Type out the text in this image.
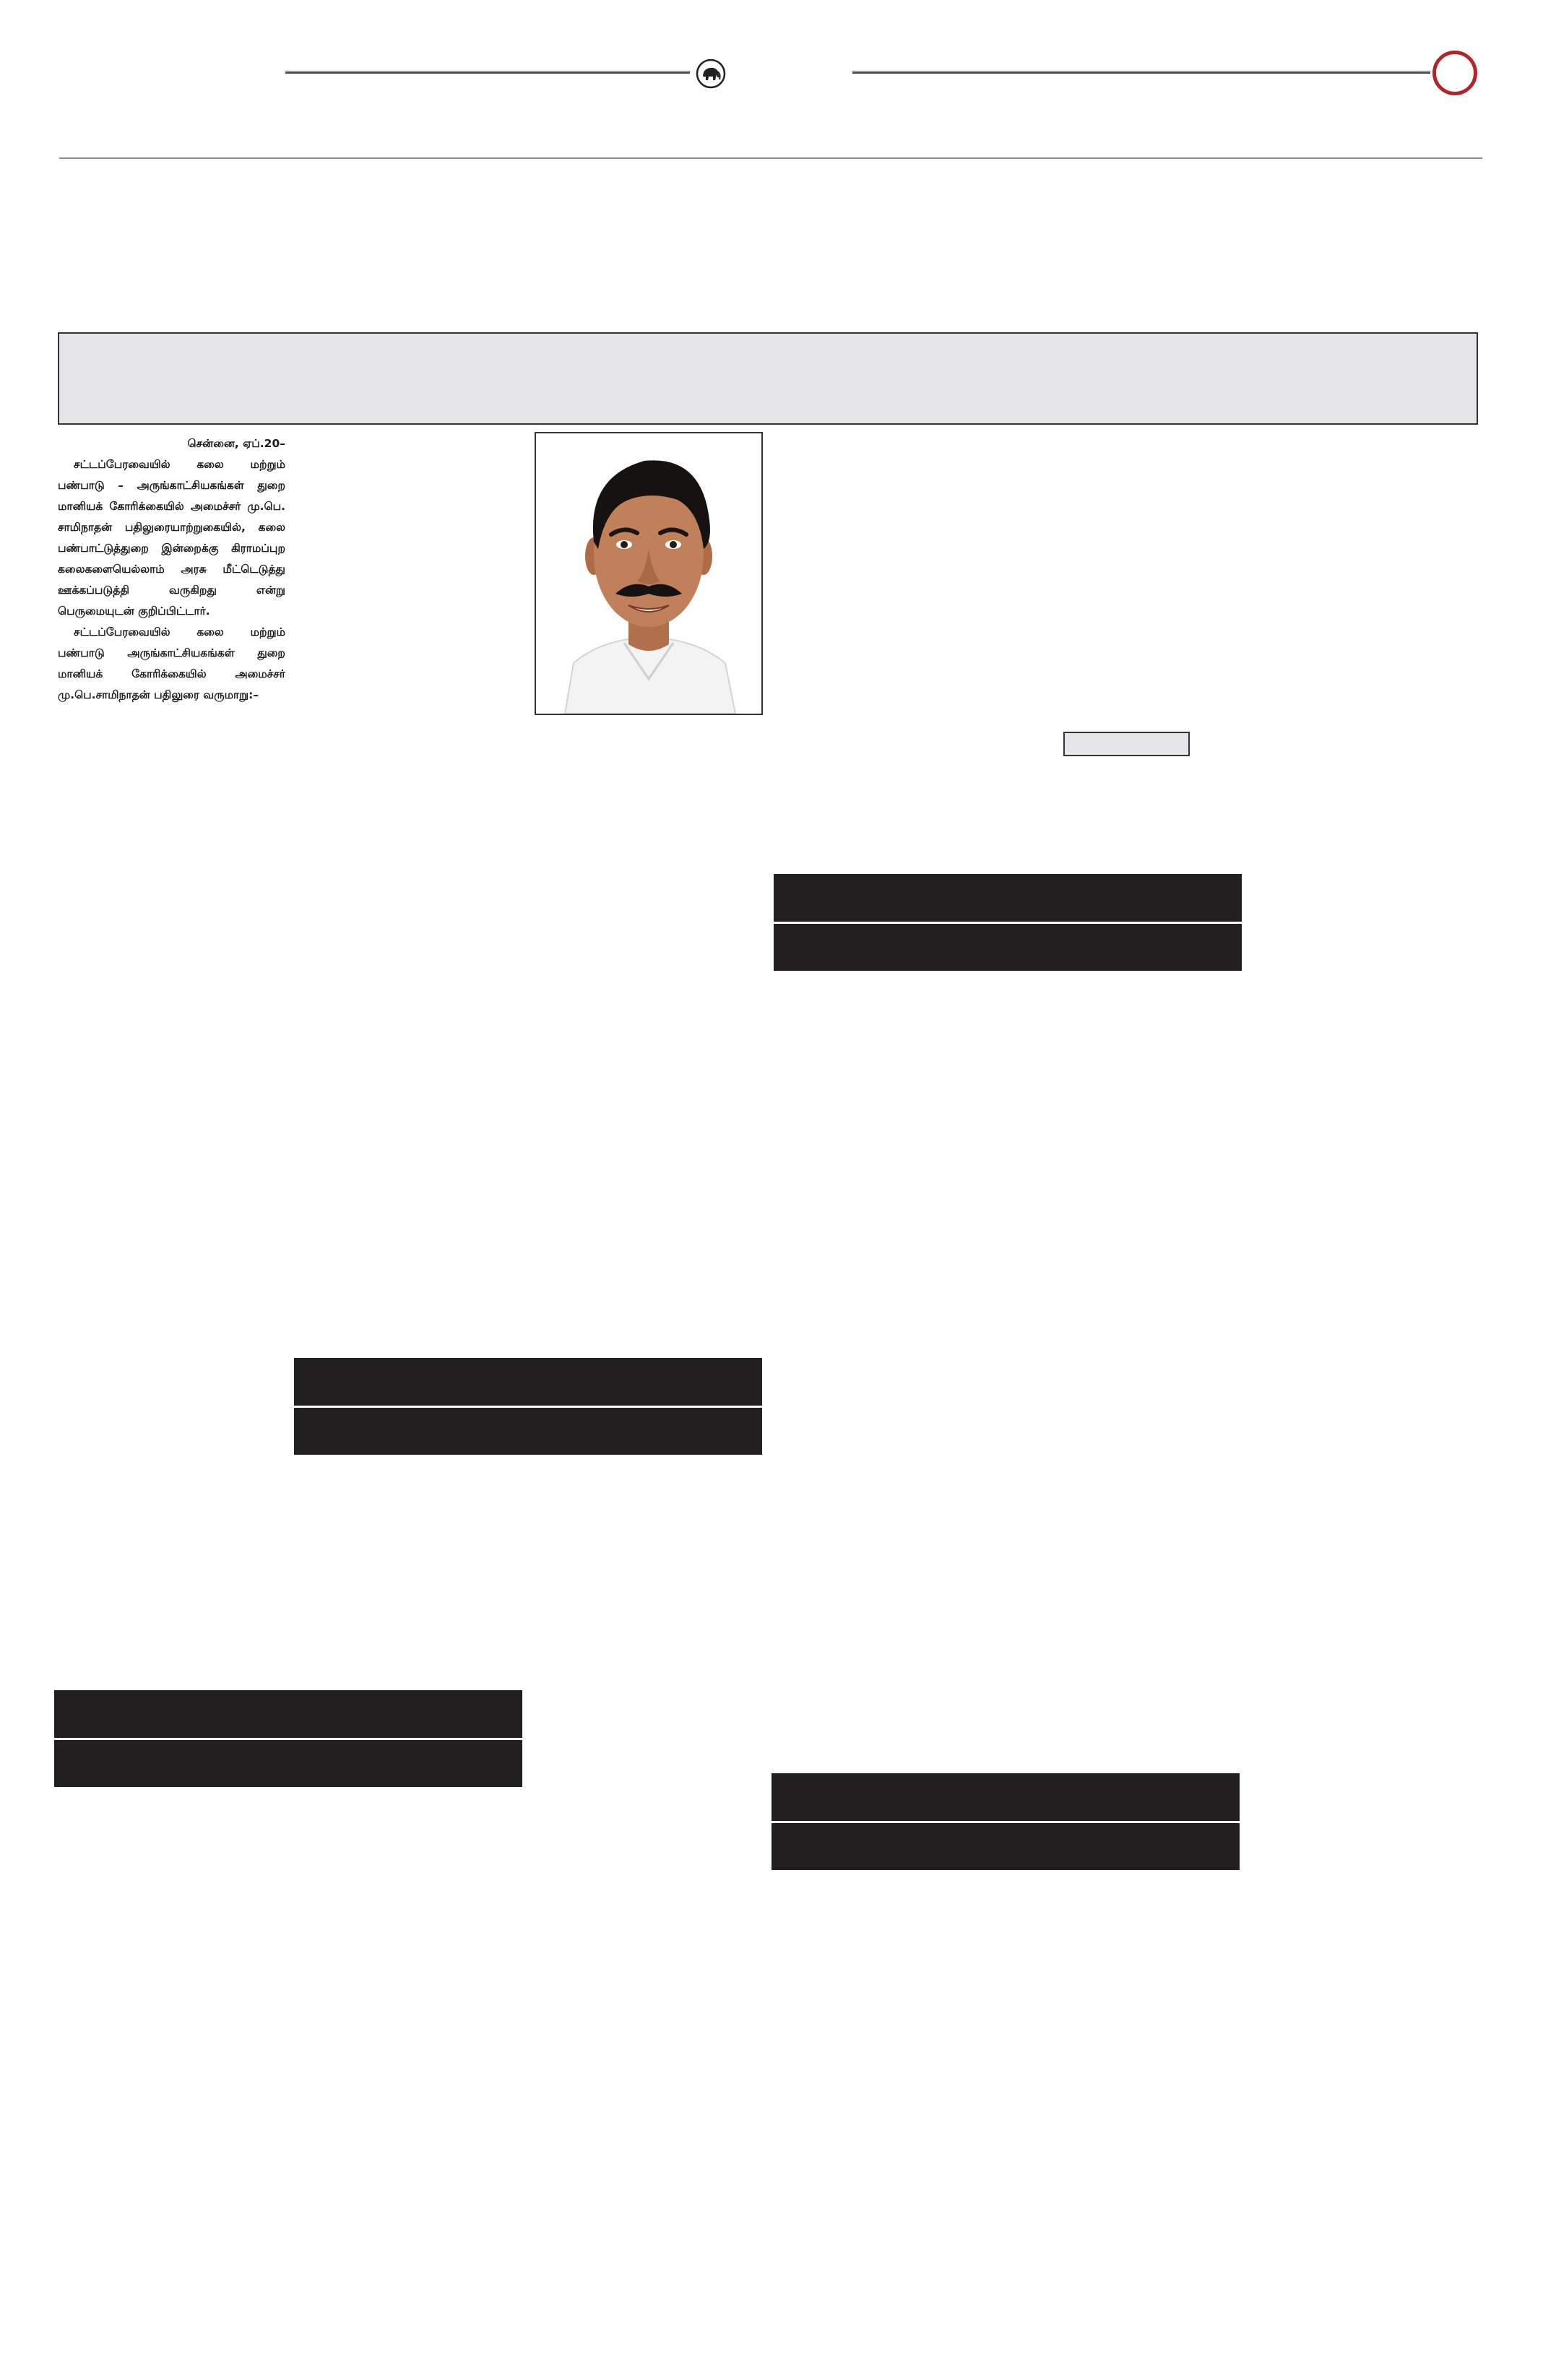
சென்னை, ஏப்.20–

சட்டப்பேரவையில் கலை மற்றும் பண்பாடு – அருங்காட்சியகங்கள் துறை மானியக் கோரிக்கையில் அமைச்சர் மு.பெ. சாமிநாதன் பதிலுரையாற்றுகையில், கலை பண்பாட்டுத்துறை இன்றைக்கு கிராமப்புற கலைகளையெல்லாம் அரசு மீட்டெடுத்து ஊக்கப்படுத்தி வருகிறது என்று பெருமையுடன் குறிப்பிட்டார்.

சட்டப்பேரவையில் கலை மற்றும் பண்பாடு அருங்காட்சியகங்கள் துறை மானியக் கோரிக்கையில் அமைச்சர் மு.பெ.சாமிநாதன் பதிலுரை வருமாறு:–
